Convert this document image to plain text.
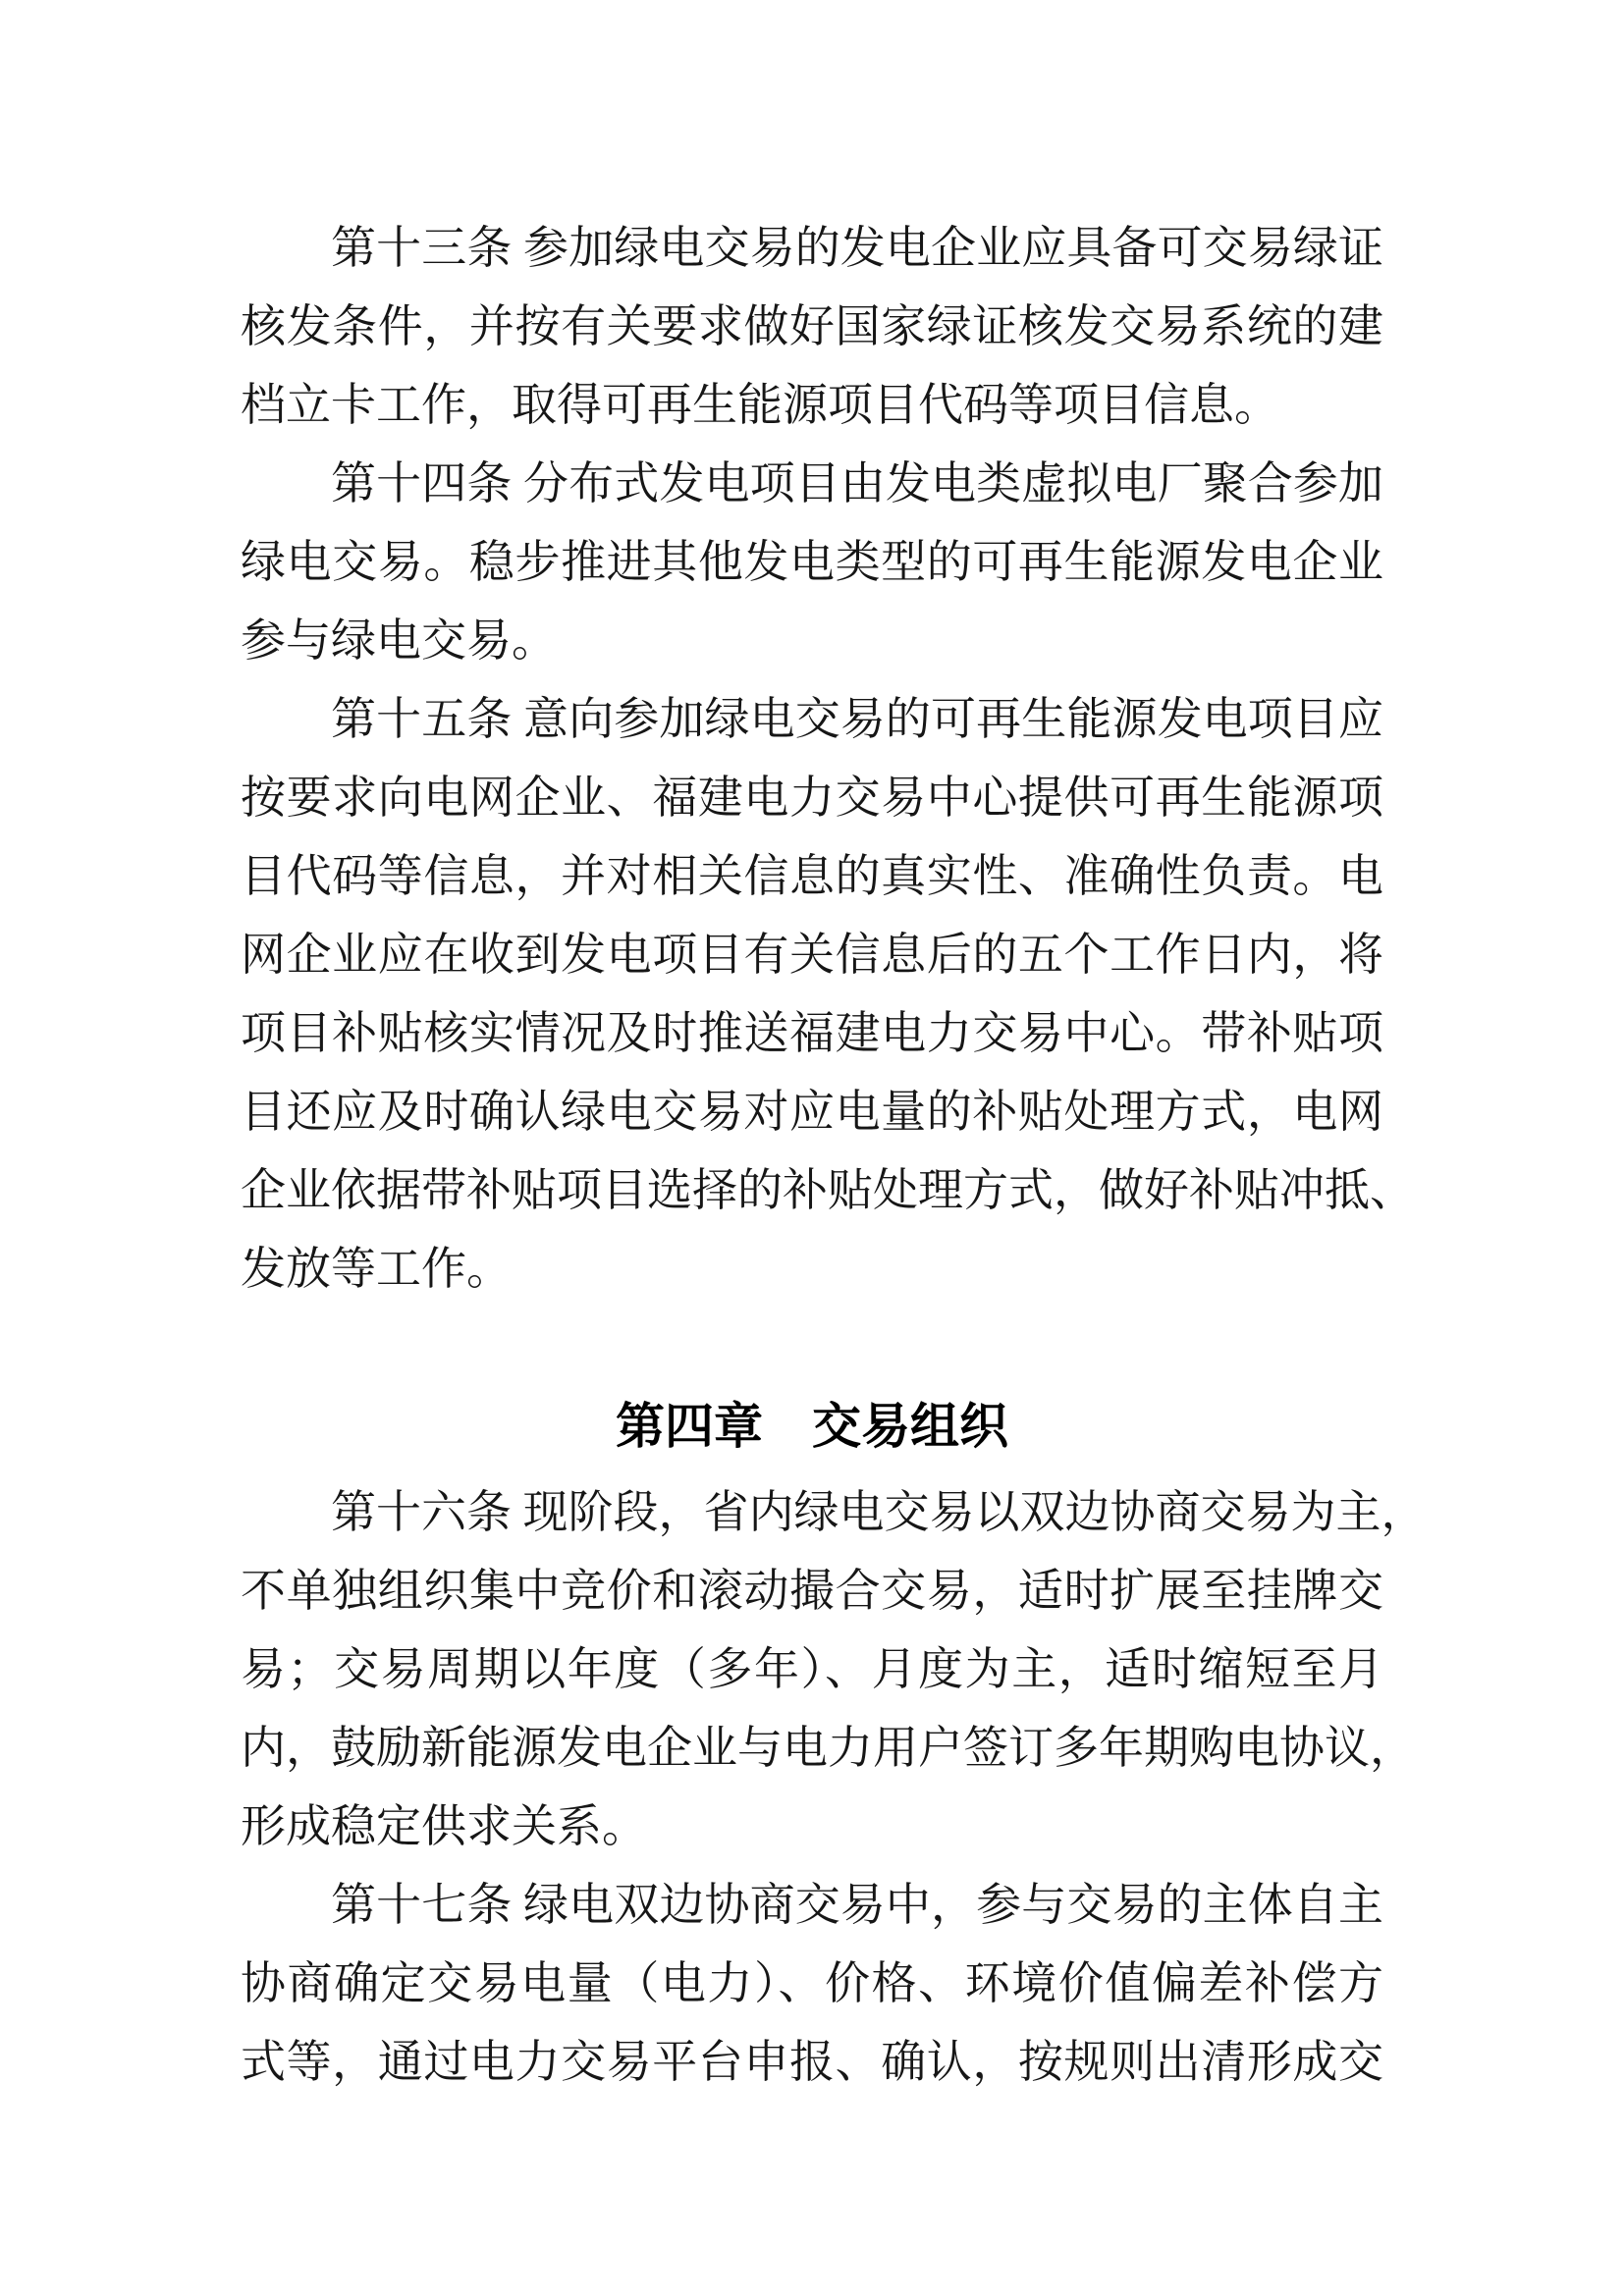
第十三条 参加绿电交易的发电企业应具备可交易绿证
核发条件，并按有关要求做好国家绿证核发交易系统的建
档立卡工作，取得可再生能源项目代码等项目信息。
第十四条 分布式发电项目由发电类虚拟电厂聚合参加
绿电交易。稳步推进其他发电类型的可再生能源发电企业
参与绿电交易。
第十五条 意向参加绿电交易的可再生能源发电项目应
按要求向电网企业、福建电力交易中心提供可再生能源项
目代码等信息，并对相关信息的真实性、准确性负责。电
网企业应在收到发电项目有关信息后的五个工作日内，将
项目补贴核实情况及时推送福建电力交易中心。带补贴项
目还应及时确认绿电交易对应电量的补贴处理方式，电网
企业依据带补贴项目选择的补贴处理方式，做好补贴冲抵、
发放等工作。
第四章　交易组织
第十六条 现阶段，省内绿电交易以双边协商交易为主，
不单独组织集中竞价和滚动撮合交易，适时扩展至挂牌交
易；交易周期以年度（多年）、月度为主，适时缩短至月
内，鼓励新能源发电企业与电力用户签订多年期购电协议，
形成稳定供求关系。
第十七条 绿电双边协商交易中，参与交易的主体自主
协商确定交易电量（电力）、价格、环境价值偏差补偿方
式等，通过电力交易平台申报、确认，按规则出清形成交
